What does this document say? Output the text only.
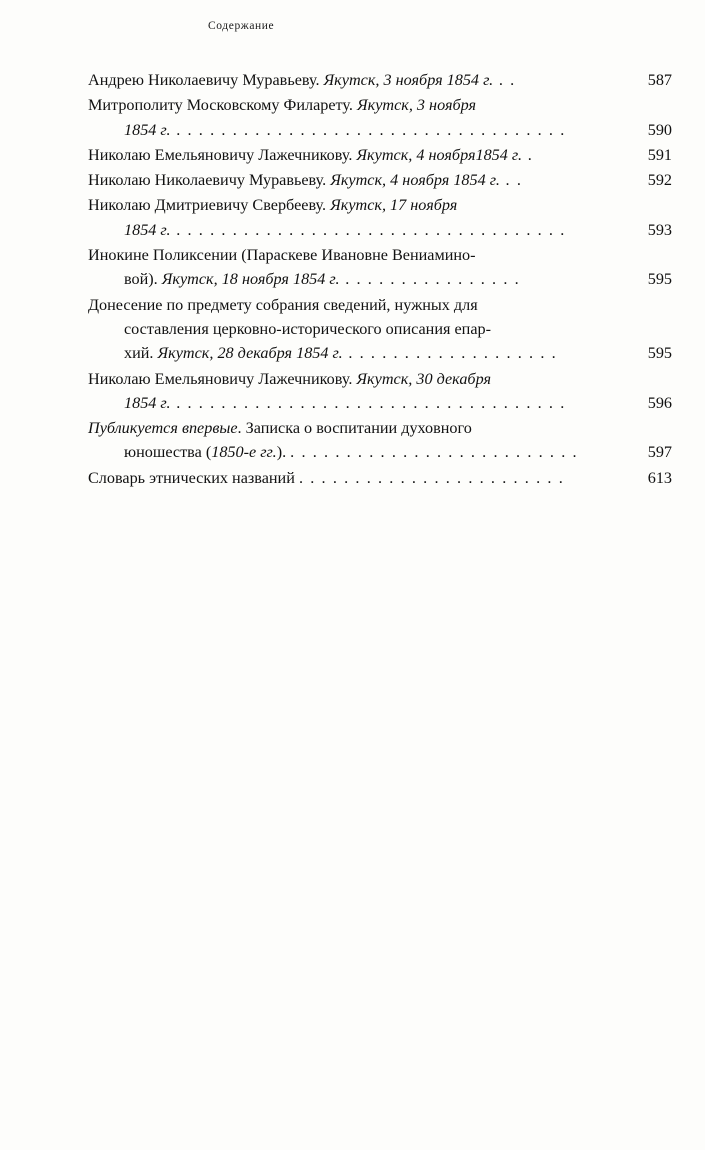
Содержание
Андрею Николаевичу Муравьеву. Якутск, 3 ноября 1854 г. . .	587
Митрополиту Московскому Филарету. Якутск, 3 ноября
1854 г. . . . . . . . . . . . . . . . . . . . . . . . . . . . . . . . . . . .	590
Николаю Емельяновичу Лажечникову. Якутск, 4 ноября1854 г. .	591
Николаю Николаевичу Муравьеву. Якутск, 4 ноября 1854 г. . .	592
Николаю Дмитриевичу Свербееву. Якутск, 17 ноября
1854 г. . . . . . . . . . . . . . . . . . . . . . . . . . . . . . . . . . . .	593
Инокине Поликсении (Параскеве Ивановне Вениамино-
вой). Якутск, 18 ноября 1854 г. . . . . . . . . . . . . . . . .	595
Донесение по предмету собрания сведений, нужных для
составления церковно-исторического описания епар-
хий. Якутск, 28 декабря 1854 г. . . . . . . . . . . . . . . . . . . .	595
Николаю Емельяновичу Лажечникову. Якутск, 30 декабря
1854 г. . . . . . . . . . . . . . . . . . . . . . . . . . . . . . . . . . . .	596
Публикуется впервые. Записка о воспитании духовного
юношества (1850-е гг.). . . . . . . . . . . . . . . . . . . . . . . . . . .	597
Словарь этнических названий . . . . . . . . . . . . . . . . . . . . . . . .	613
